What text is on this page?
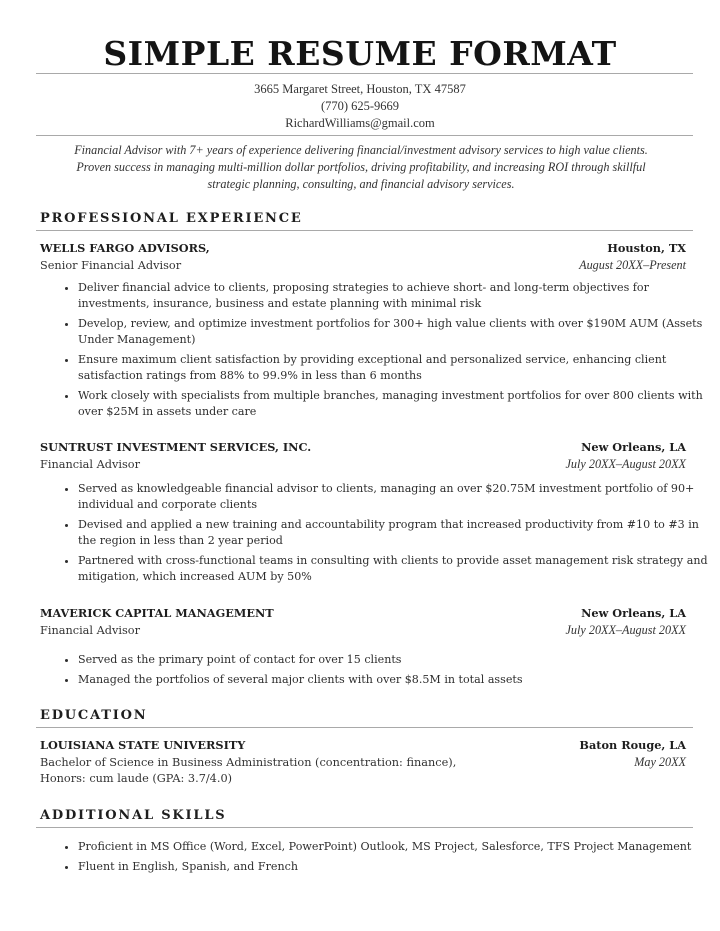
SIMPLE RESUME FORMAT
3665 Margaret Street, Houston, TX 47587
(770) 625-9669
RichardWilliams@gmail.com
Financial Advisor with 7+ years of experience delivering financial/investment advisory services to high value clients.
Proven success in managing multi-million dollar portfolios, driving profitability, and increasing ROI through skillful
strategic planning, consulting, and financial advisory services.
PROFESSIONAL EXPERIENCE
WELLS FARGO ADVISORS,	Houston, TX
Senior Financial Advisor	August 20XX–Present
• Deliver financial advice to clients, proposing strategies to achieve short- and long-term objectives for investments, insurance, business and estate planning with minimal risk
• Develop, review, and optimize investment portfolios for 300+ high value clients with over $190M AUM (Assets Under Management)
• Ensure maximum client satisfaction by providing exceptional and personalized service, enhancing client satisfaction ratings from 88% to 99.9% in less than 6 months
• Work closely with specialists from multiple branches, managing investment portfolios for over 800 clients with over $25M in assets under care
SUNTRUST INVESTMENT SERVICES, INC.	New Orleans, LA
Financial Advisor	July 20XX–August 20XX
• Served as knowledgeable financial advisor to clients, managing an over $20.75M investment portfolio of 90+ individual and corporate clients
• Devised and applied a new training and accountability program that increased productivity from #10 to #3 in the region in less than 2 year period
• Partnered with cross-functional teams in consulting with clients to provide asset management risk strategy and mitigation, which increased AUM by 50%
MAVERICK CAPITAL MANAGEMENT	New Orleans, LA
Financial Advisor	July 20XX–August 20XX
• Served as the primary point of contact for over 15 clients
• Managed the portfolios of several major clients with over $8.5M in total assets
EDUCATION
LOUISIANA STATE UNIVERSITY	Baton Rouge, LA
Bachelor of Science in Business Administration (concentration: finance),	May 20XX
Honors: cum laude (GPA: 3.7/4.0)
ADDITIONAL SKILLS
• Proficient in MS Office (Word, Excel, PowerPoint) Outlook, MS Project, Salesforce, TFS Project Management
• Fluent in English, Spanish, and French
